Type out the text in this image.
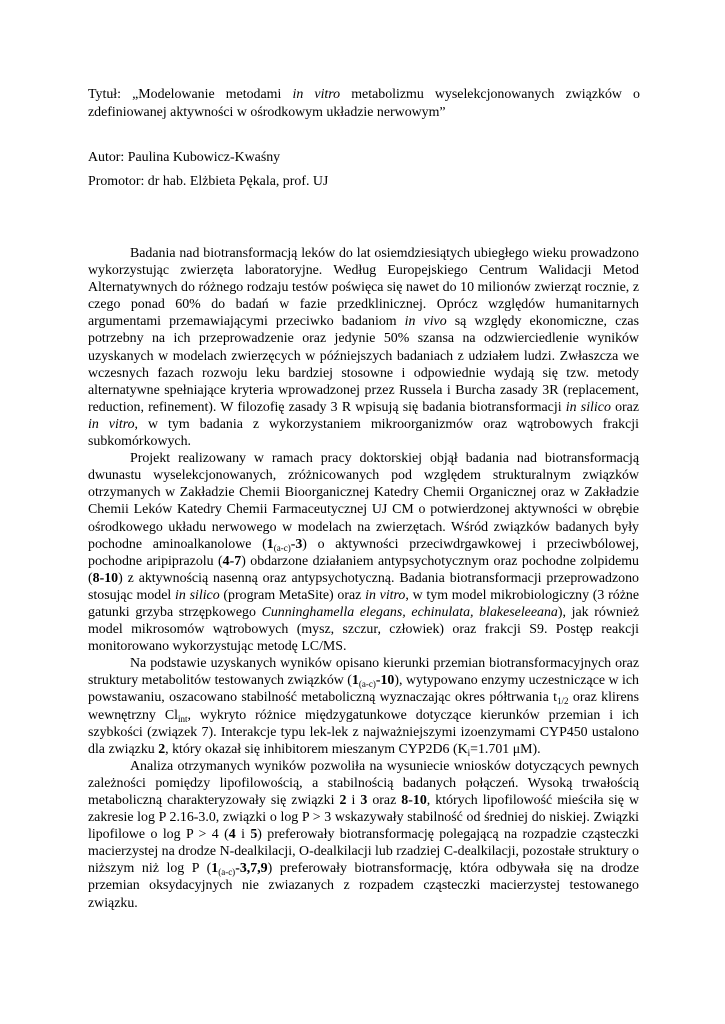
Tytuł: „Modelowanie metodami in vitro metabolizmu wyselekcjonowanych związków o zdefiniowanej aktywności w ośrodkowym układzie nerwowym”
Autor: Paulina Kubowicz-Kwaśny
Promotor: dr hab. Elżbieta Pękala, prof. UJ

Badania nad biotransformacją leków do lat osiemdziesiątych ubiegłego wieku prowadzono wykorzystując zwierzęta laboratoryjne. Według Europejskiego Centrum Walidacji Metod Alternatywnych do różnego rodzaju testów poświęca się nawet do 10 milionów zwierząt rocznie, z czego ponad 60% do badań w fazie przedklinicznej. Oprócz względów humanitarnych argumentami przemawiającymi przeciwko badaniom in vivo są względy ekonomiczne, czas potrzebny na ich przeprowadzenie oraz jedynie 50% szansa na odzwierciedlenie wyników uzyskanych w modelach zwierzęcych w późniejszych badaniach z udziałem ludzi. Zwłaszcza we wczesnych fazach rozwoju leku bardziej stosowne i odpowiednie wydają się tzw. metody alternatywne spełniające kryteria wprowadzonej przez Russela i Burcha zasady 3R (replacement, reduction, refinement). W filozofię zasady 3 R wpisują się badania biotransformacji in silico oraz in vitro, w tym badania z wykorzystaniem mikroorganizmów oraz wątrobowych frakcji subkomórkowych.

Projekt realizowany w ramach pracy doktorskiej objął badania nad biotransformacją dwunastu wyselekcjonowanych, zróżnicowanych pod względem strukturalnym związków otrzymanych w Zakładzie Chemii Bioorganicznej Katedry Chemii Organicznej oraz w Zakładzie Chemii Leków Katedry Chemii Farmaceutycznej UJ CM o potwierdzonej aktywności w obrębie ośrodkowego układu nerwowego w modelach na zwierzętach. Wśród związków badanych były pochodne aminoalkanolowe $(1_{(a-c)}-3)$ o aktywności przeciwdrgawkowej i przeciwbólowej, pochodne aripiprazolu (4-7) obdarzone działaniem antypsychotycznym oraz pochodne zolpidemu (8-10) z aktywnością nasenną oraz antypsychotyczną. Badania biotransformacji przeprowadzono stosując model in silico (program MetaSite) oraz in vitro, w tym model mikrobiologiczny (3 różne gatunki grzyba strzępkowego Cunninghamella elegans, echinulata, blakeseleeana), jak również model mikrosomów wątrobowych (mysz, szczur, człowiek) oraz frakcji S9. Postęp reakcji monitorowano wykorzystując metodę LC/MS.

Na podstawie uzyskanych wyników opisano kierunki przemian biotransformacyjnych oraz struktury metabolitów testowanych związków $(1_{(a-c)}-10)$, wytypowano enzymy uczestniczące w ich powstawaniu, oszacowano stabilność metaboliczną wyznaczając okres półtrwania $t_{1/2}$ oraz klirens wewnętrzny $Cl_{int}$, wykryto różnice międzygatunkowe dotyczące kierunków przemian i ich szybkości (związek 7). Interakcje typu lek-lek z najważniejszymi izoenzymami CYP450 ustalono dla związku 2, który okazał się inhibitorem mieszanym CYP2D6 ($K_i=1.701$ μM).

Analiza otrzymanych wyników pozwoliła na wysuniecie wniosków dotyczących pewnych zależności pomiędzy lipofilowością, a stabilnością badanych połączeń. Wysoką trwałością metaboliczną charakteryzowały się związki 2 i 3 oraz 8-10, których lipofilowość mieściła się w zakresie log P 2.16-3.0, związki o log P > 3 wskazywały stabilność od średniej do niskiej. Związki lipofilowe o log P > 4 (4 i 5) preferowały biotransformację polegającą na rozpadzie cząsteczki macierzystej na drodze N-dealkilacji, O-dealkilacji lub rzadziej C-dealkilacji, pozostałe struktury o niższym niż log P $(1_{(a-c)}-3,7,9)$ preferowały biotransformację, która odbywała się na drodze przemian oksydacyjnych nie zwiazanych z rozpadem cząsteczki macierzystej testowanego związku.
